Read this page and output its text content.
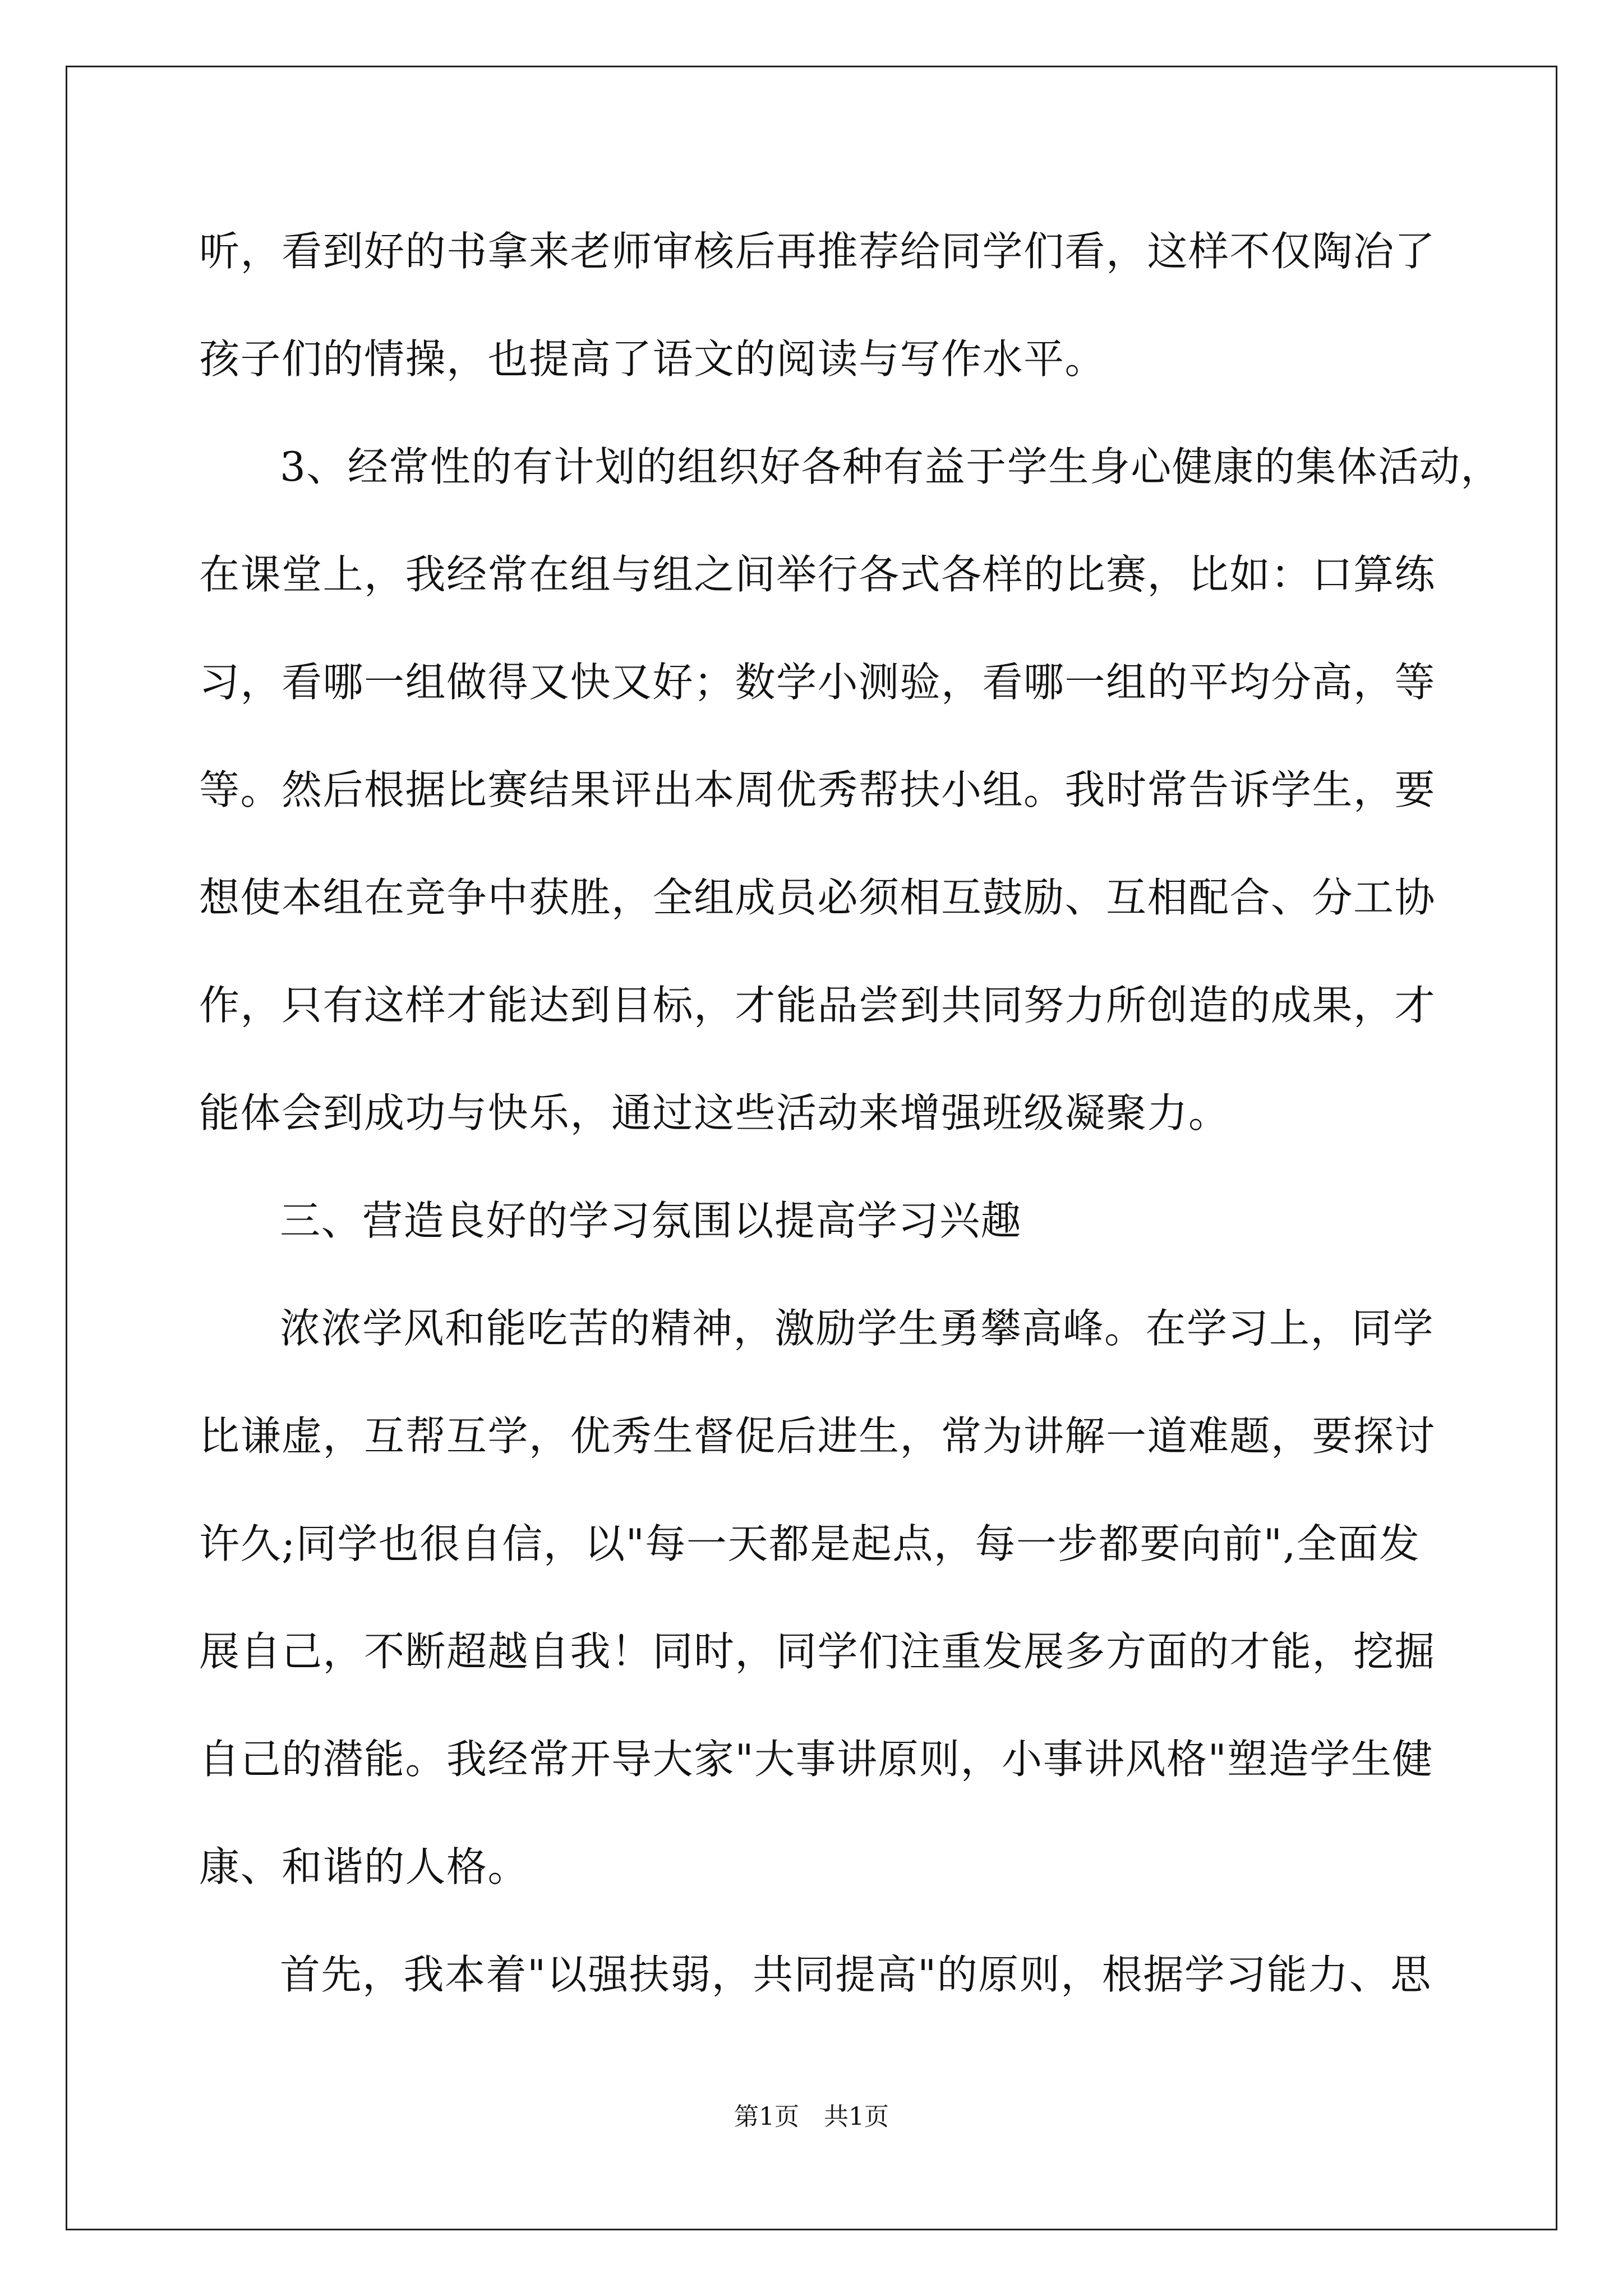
听，看到好的书拿来老师审核后再推荐给同学们看，这样不仅陶冶了
孩子们的情操，也提高了语文的阅读与写作水平。
3、经常性的有计划的组织好各种有益于学生身心健康的集体活动，
在课堂上，我经常在组与组之间举行各式各样的比赛，比如：口算练
习，看哪一组做得又快又好；数学小测验，看哪一组的平均分高，等
等。然后根据比赛结果评出本周优秀帮扶小组。我时常告诉学生，要
想使本组在竞争中获胜，全组成员必须相互鼓励、互相配合、分工协
作，只有这样才能达到目标，才能品尝到共同努力所创造的成果，才
能体会到成功与快乐，通过这些活动来增强班级凝聚力。
三、营造良好的学习氛围以提高学习兴趣
浓浓学风和能吃苦的精神，激励学生勇攀高峰。在学习上，同学
比谦虚，互帮互学，优秀生督促后进生，常为讲解一道难题，要探讨
许久;同学也很自信，以"每一天都是起点，每一步都要向前",全面发
展自己，不断超越自我！同时，同学们注重发展多方面的才能，挖掘
自己的潜能。我经常开导大家"大事讲原则，小事讲风格"塑造学生健
康、和谐的人格。
首先，我本着"以强扶弱，共同提高"的原则，根据学习能力、思
第1页　共1页
